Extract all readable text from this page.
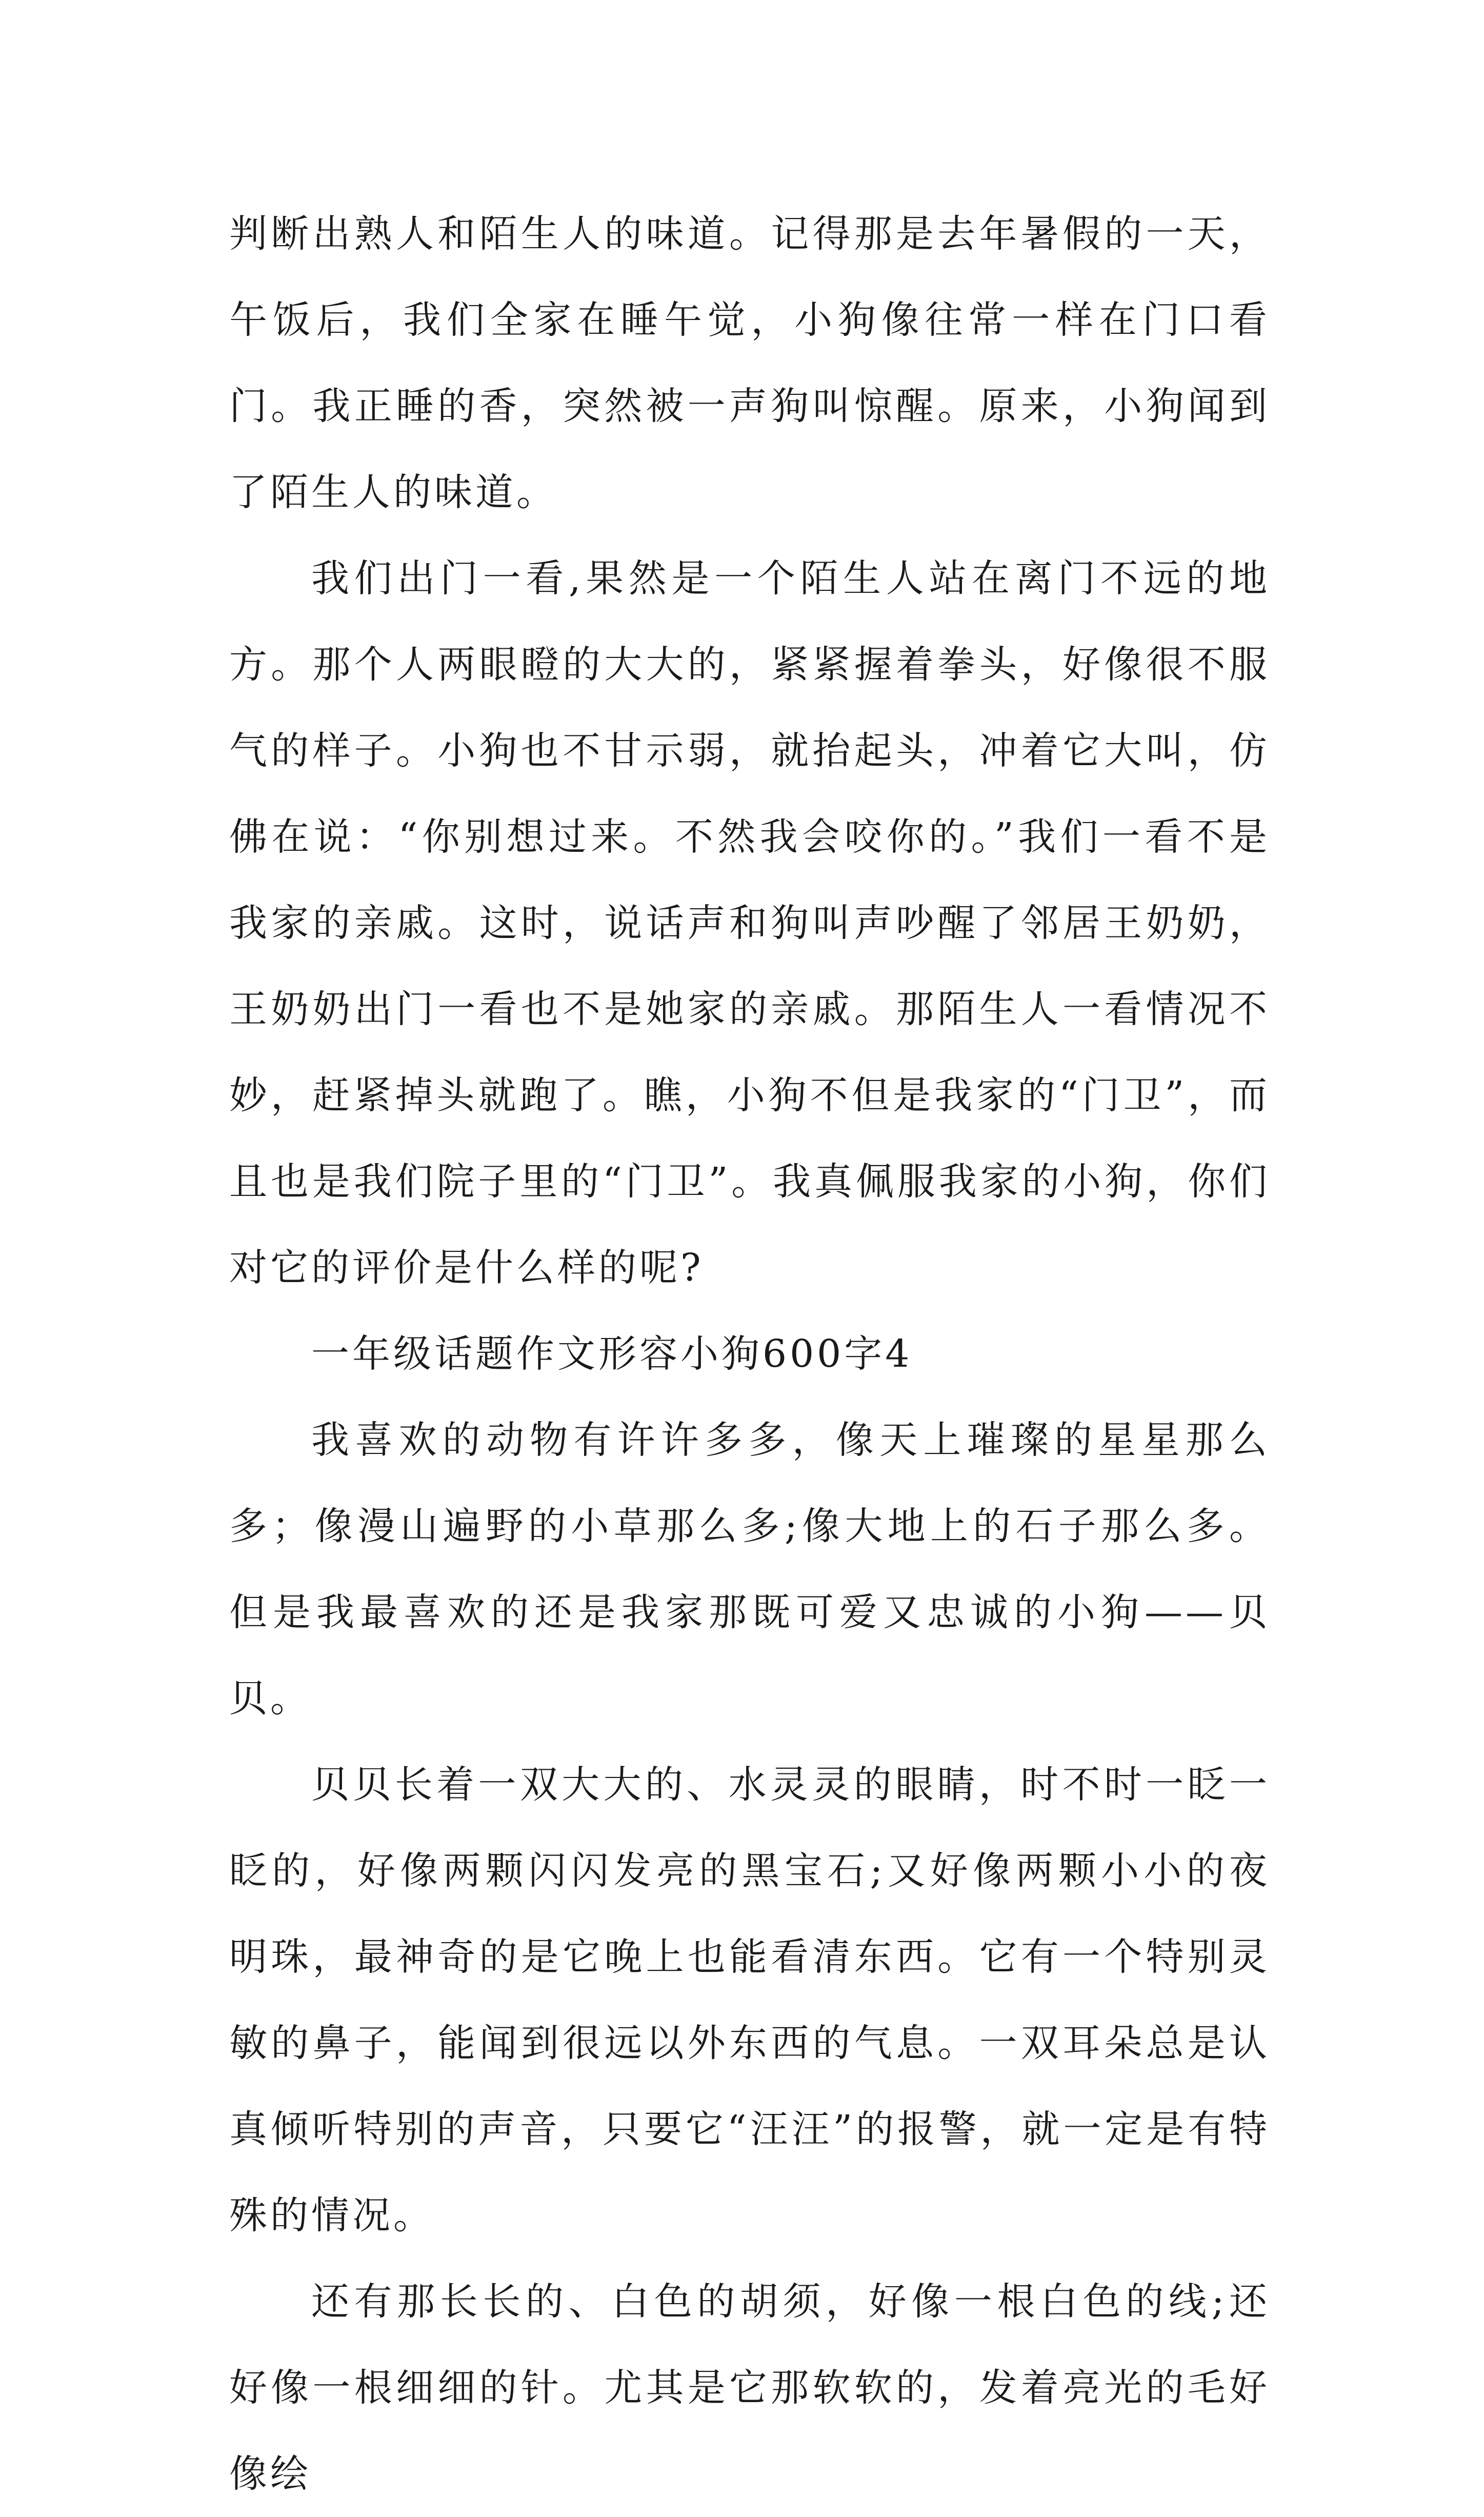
判断出熟人和陌生人的味道。记得那是去年暑假的一天，午饭后，我们全家在睡午觉，小狗像往常一样在门口看门。我正睡的香，突然被一声狗叫惊醒。原来，小狗闻到了陌生人的味道。

我们出门一看,果然是一个陌生人站在离门不远的地方。那个人两眼瞪的大大的，紧紧握着拳头，好像很不服气的样子。小狗也不甘示弱，就抬起头，冲着它大叫，仿佛在说：“你别想过来。不然我会咬你的。”我们一看不是我家的亲戚。这时，说话声和狗叫声吵醒了邻居王奶奶，王奶奶出门一看也不是她家的亲戚。那陌生人一看情况不妙，赶紧掉头就跑了。瞧，小狗不但是我家的“门卫”，而且也是我们院子里的“门卫”。我真佩服我家的小狗，你们对它的评价是什么样的呢?

一年级话题作文形容小狗600字4

我喜欢的动物有许许多多，像天上璀璨的星星那么多；像漫山遍野的小草那么多;像大地上的石子那么多。但是我最喜欢的还是我家那既可爱又忠诚的小狗——贝贝。

贝贝长着一双大大的、水灵灵的眼睛，时不时一眨一眨的，好像两颗闪闪发亮的黑宝石;又好像两颗小小的夜明珠，最神奇的是它晚上也能看清东西。它有一个特别灵敏的鼻子，能闻到很远以外东西的气息。一双耳朵总是认真倾听特别的声音，只要它“汪汪”的报警，就一定是有特殊的情况。

还有那长长的、白色的胡须，好像一根白色的线;还好像一根细细的针。尤其是它那软软的，发着亮光的毛好像绘
